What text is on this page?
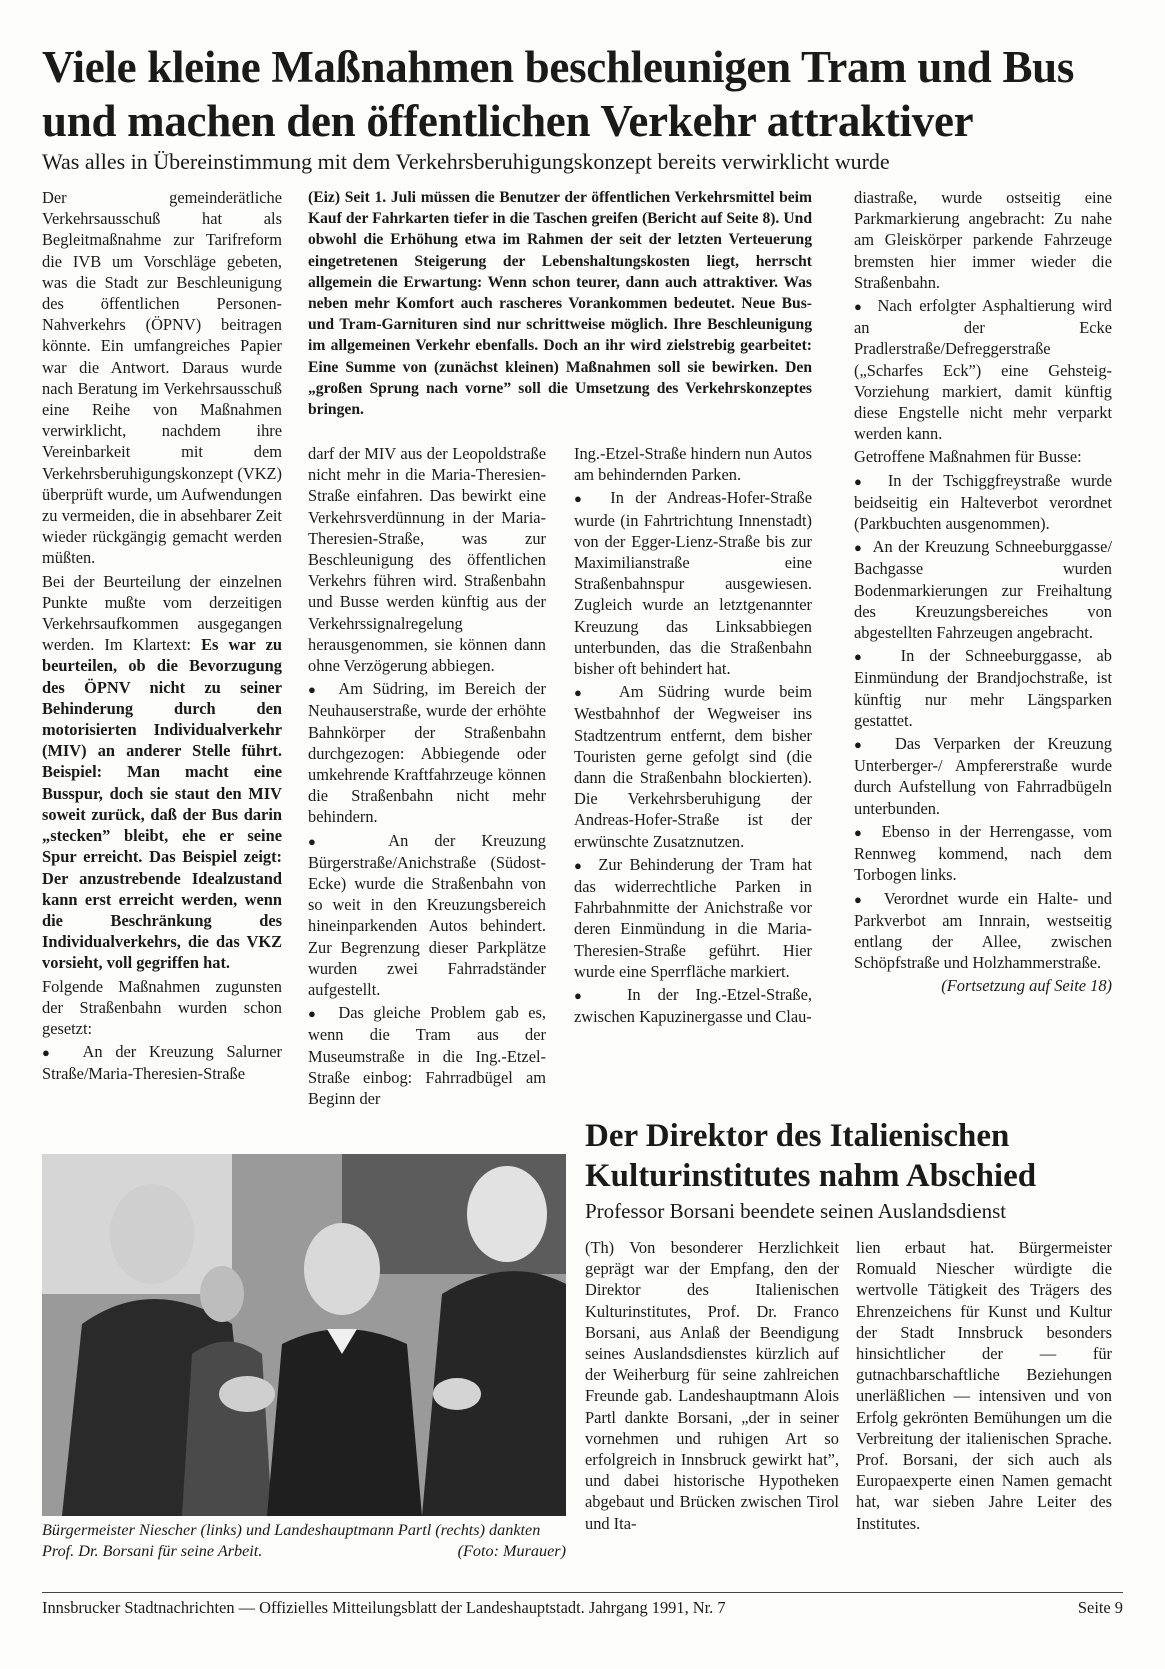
Viele kleine Maßnahmen beschleunigen Tram und Bus und machen den öffentlichen Verkehr attraktiver
Was alles in Übereinstimmung mit dem Verkehrsberuhigungskonzept bereits verwirklicht wurde

Der gemeinderätliche Verkehrsausschuß hat als Begleitmaßnahme zur Tarifreform die IVB um Vorschläge gebeten, was die Stadt zur Beschleunigung des öffentlichen Personen-Nahverkehrs (ÖPNV) beitragen könnte. Ein umfangreiches Papier war die Antwort. Daraus wurde nach Beratung im Verkehrsausschuß eine Reihe von Maßnahmen verwirklicht, nachdem ihre Vereinbarkeit mit dem Verkehrsberuhigungskonzept (VKZ) überprüft wurde, um Aufwendungen zu vermeiden, die in absehbarer Zeit wieder rückgängig gemacht werden müßten.

Bei der Beurteilung der einzelnen Punkte mußte vom derzeitigen Verkehrsaufkommen ausgegangen werden. Im Klartext: Es war zu beurteilen, ob die Bevorzugung des ÖPNV nicht zu seiner Behinderung durch den motorisierten Individualverkehr (MIV) an anderer Stelle führt. Beispiel: Man macht eine Busspur, doch sie staut den MIV soweit zurück, daß der Bus darin „stecken” bleibt, ehe er seine Spur erreicht. Das Beispiel zeigt: Der anzustrebende Idealzustand kann erst erreicht werden, wenn die Beschränkung des Individualverkehrs, die das VKZ vorsieht, voll gegriffen hat.

Folgende Maßnahmen zugunsten der Straßenbahn wurden schon gesetzt:

●  An der Kreuzung Salurner Straße/Maria-Theresien-Straße

(Eiz) Seit 1. Juli müssen die Benutzer der öffentlichen Verkehrsmittel beim Kauf der Fahrkarten tiefer in die Taschen greifen (Bericht auf Seite 8). Und obwohl die Erhöhung etwa im Rahmen der seit der letzten Verteuerung eingetretenen Steigerung der Lebenshaltungskosten liegt, herrscht allgemein die Erwartung: Wenn schon teurer, dann auch attraktiver. Was neben mehr Komfort auch rascheres Vorankommen bedeutet. Neue Bus- und Tram-Garnituren sind nur schrittweise möglich. Ihre Beschleunigung im allgemeinen Verkehr ebenfalls. Doch an ihr wird zielstrebig gearbeitet: Eine Summe von (zunächst kleinen) Maßnahmen soll sie bewirken. Den „großen Sprung nach vorne” soll die Umsetzung des Verkehrskonzeptes bringen.

darf der MIV aus der Leopoldstraße nicht mehr in die Maria-Theresien-Straße einfahren. Das bewirkt eine Verkehrsverdünnung in der Maria-Theresien-Straße, was zur Beschleunigung des öffentlichen Verkehrs führen wird. Straßenbahn und Busse werden künftig aus der Verkehrssignalregelung herausgenommen, sie können dann ohne Verzögerung abbiegen.

●  Am Südring, im Bereich der Neuhauserstraße, wurde der erhöhte Bahnkörper der Straßenbahn durchgezogen: Abbiegende oder umkehrende Kraftfahrzeuge können die Straßenbahn nicht mehr behindern.

●  An der Kreuzung Bürgerstraße/Anichstraße (Südost-Ecke) wurde die Straßenbahn von so weit in den Kreuzungsbereich hineinparkenden Autos behindert. Zur Begrenzung dieser Parkplätze wurden zwei Fahrradständer aufgestellt.

●  Das gleiche Problem gab es, wenn die Tram aus der Museumstraße in die Ing.-Etzel-Straße einbog: Fahrradbügel am Beginn der

Ing.-Etzel-Straße hindern nun Autos am behindernden Parken.

●  In der Andreas-Hofer-Straße wurde (in Fahrtrichtung Innenstadt) von der Egger-Lienz-Straße bis zur Maximilianstraße eine Straßenbahnspur ausgewiesen. Zugleich wurde an letztgenannter Kreuzung das Linksabbiegen unterbunden, das die Straßenbahn bisher oft behindert hat.

●  Am Südring wurde beim Westbahnhof der Wegweiser ins Stadtzentrum entfernt, dem bisher Touristen gerne gefolgt sind (die dann die Straßenbahn blockierten). Die Verkehrsberuhigung der Andreas-Hofer-Straße ist der erwünschte Zusatznutzen.

●  Zur Behinderung der Tram hat das widerrechtliche Parken in Fahrbahnmitte der Anichstraße vor deren Einmündung in die Maria-Theresien-Straße geführt. Hier wurde eine Sperrfläche markiert.

●  In der Ing.-Etzel-Straße, zwischen Kapuzinergasse und Clau-

diastraße, wurde ostseitig eine Parkmarkierung angebracht: Zu nahe am Gleiskörper parkende Fahrzeuge bremsten hier immer wieder die Straßenbahn.

●  Nach erfolgter Asphaltierung wird an der Ecke Pradlerstraße/Defreggerstraße („Scharfes Eck”) eine Gehsteig-Vorziehung markiert, damit künftig diese Engstelle nicht mehr verparkt werden kann.

Getroffene Maßnahmen für Busse:

●  In der Tschiggfreystraße wurde beidseitig ein Halteverbot verordnet (Parkbuchten ausgenommen).

●  An der Kreuzung Schneeburggasse/ Bachgasse wurden Bodenmarkierungen zur Freihaltung des Kreuzungsbereiches von abgestellten Fahrzeugen angebracht.

●  In der Schneeburggasse, ab Einmündung der Brandjochstraße, ist künftig nur mehr Längsparken gestattet.

●  Das Verparken der Kreuzung Unterberger-/ Ampfererstraße wurde durch Aufstellung von Fahrradbügeln unterbunden.

●  Ebenso in der Herrengasse, vom Rennweg kommend, nach dem Torbogen links.

●  Verordnet wurde ein Halte- und Parkverbot am Innrain, westseitig entlang der Allee, zwischen Schöpfstraße und Holzhammerstraße.

(Fortsetzung auf Seite 18)

Bürgermeister Niescher (links) und Landeshauptmann Partl (rechts) dankten Prof. Dr. Borsani für seine Arbeit.	(Foto: Murauer)
Der Direktor des Italienischen Kulturinstitutes nahm Abschied
Professor Borsani beendete seinen Auslandsdienst
(Th) Von besonderer Herzlichkeit geprägt war der Empfang, den der Direktor des Italienischen Kulturinstitutes, Prof. Dr. Franco Borsani, aus Anlaß der Beendigung seines Auslandsdienstes kürzlich auf der Weiherburg für seine zahlreichen Freunde gab. Landeshauptmann Alois Partl dankte Borsani, „der in seiner vornehmen und ruhigen Art so erfolgreich in Innsbruck gewirkt hat”, und dabei historische Hypotheken abgebaut und Brücken zwischen Tirol und Ita-
lien erbaut hat. Bürgermeister Romuald Niescher würdigte die wertvolle Tätigkeit des Trägers des Ehrenzeichens für Kunst und Kultur der Stadt Innsbruck besonders hinsichtlicher der — für gutnachbarschaftliche Beziehungen unerläßlichen — intensiven und von Erfolg gekrönten Bemühungen um die Verbreitung der italienischen Sprache. Prof. Borsani, der sich auch als Europaexperte einen Namen gemacht hat, war sieben Jahre Leiter des Institutes.
Innsbrucker Stadtnachrichten — Offizielles Mitteilungsblatt der Landeshauptstadt. Jahrgang 1991, Nr. 7	Seite 9
